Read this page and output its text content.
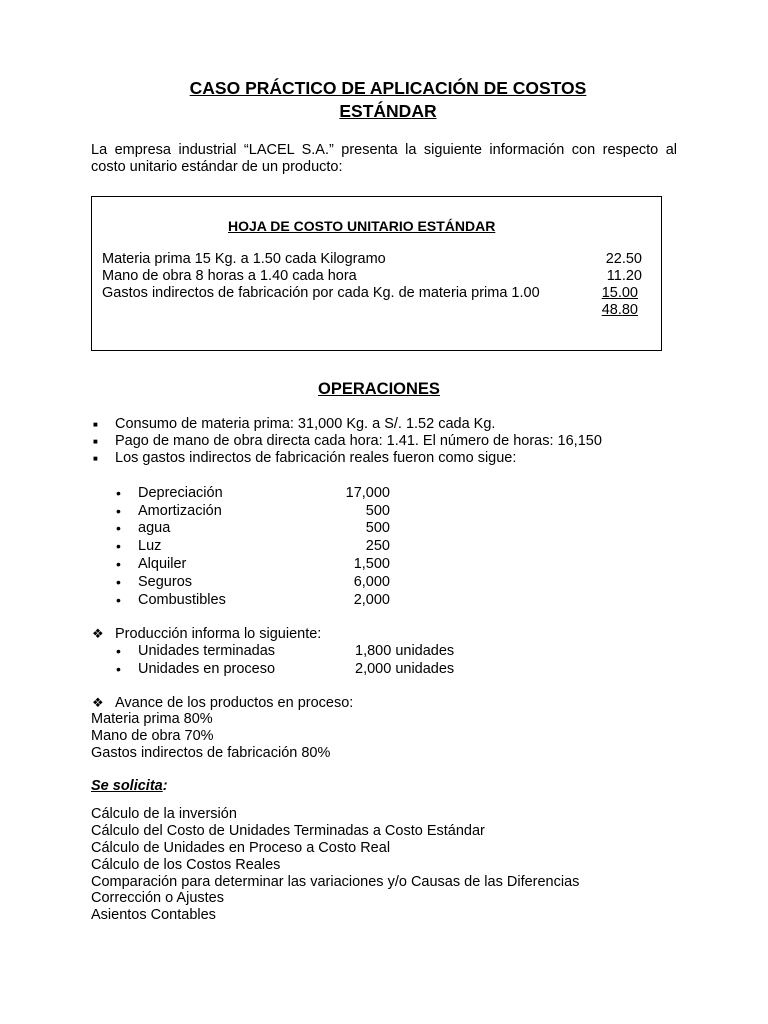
CASO PRÁCTICO DE APLICACIÓN DE COSTOS
ESTÁNDAR
La empresa industrial “LACEL S.A.” presenta la siguiente información con respecto al costo unitario estándar de un producto:
HOJA DE COSTO UNITARIO ESTÁNDAR
Materia prima 15 Kg. a 1.50 cada Kilogramo	22.50
Mano de obra 8 horas a 1.40 cada hora	11.20
Gastos indirectos de fabricación por cada Kg. de materia prima 1.00	15.00
48.80
OPERACIONES
■ Consumo de materia prima: 31,000 Kg. a S/. 1.52 cada Kg.
■ Pago de mano de obra directa cada hora: 1.41. El número de horas: 16,150
■ Los gastos indirectos de fabricación reales fueron como sigue:
• Depreciación	17,000
• Amortización	500
• agua	500
• Luz	250
• Alquiler	1,500
• Seguros	6,000
• Combustibles	2,000
❖ Producción informa lo siguiente:
• Unidades terminadas	1,800 unidades
• Unidades en proceso	2,000 unidades
❖ Avance de los productos en proceso:
Materia prima 80%
Mano de obra 70%
Gastos indirectos de fabricación 80%
Se solicita:
Cálculo de la inversión
Cálculo del Costo de Unidades Terminadas a Costo Estándar
Cálculo de Unidades en Proceso a Costo Real
Cálculo de los Costos Reales
Comparación para determinar las variaciones y/o Causas de las Diferencias
Corrección o Ajustes
Asientos Contables
